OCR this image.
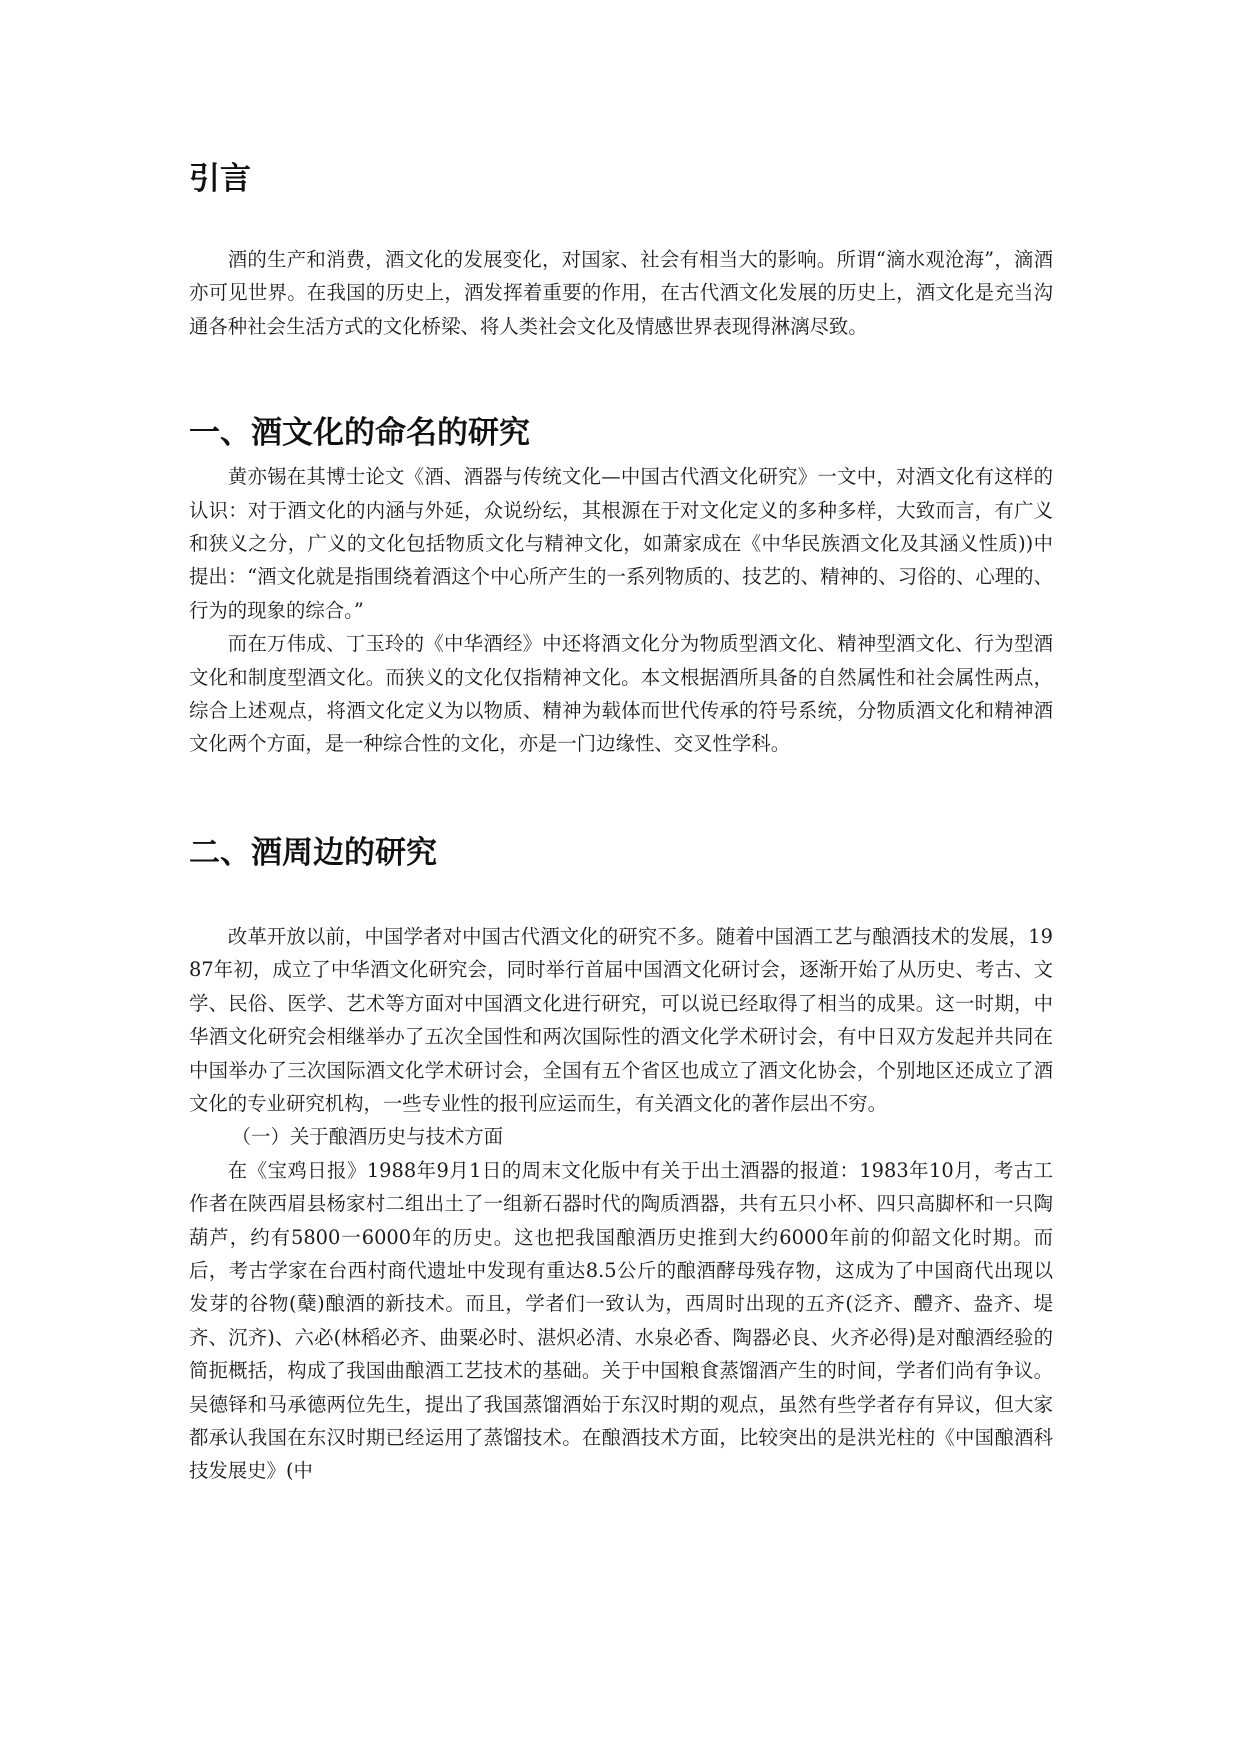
引言

酒的生产和消费，酒文化的发展变化，对国家、社会有相当大的影响。所谓“滴水观沧海”，滴酒亦可见世界。在我国的历史上，酒发挥着重要的作用，在古代酒文化发展的历史上，酒文化是充当沟通各种社会生活方式的文化桥梁、将人类社会文化及情感世界表现得淋漓尽致。

一、酒文化的命名的研究

黄亦锡在其博士论文《酒、酒器与传统文化—中国古代酒文化研究》一文中，对酒文化有这样的认识：对于酒文化的内涵与外延，众说纷纭，其根源在于对文化定义的多种多样，大致而言，有广义和狭义之分，广义的文化包括物质文化与精神文化，如萧家成在《中华民族酒文化及其涵义性质))中提出：“酒文化就是指围绕着酒这个中心所产生的一系列物质的、技艺的、精神的、习俗的、心理的、行为的现象的综合。”

而在万伟成、丁玉玲的《中华酒经》中还将酒文化分为物质型酒文化、精神型酒文化、行为型酒文化和制度型酒文化。而狭义的文化仅指精神文化。本文根据酒所具备的自然属性和社会属性两点，综合上述观点，将酒文化定义为以物质、精神为载体而世代传承的符号系统，分物质酒文化和精神酒文化两个方面，是一种综合性的文化，亦是一门边缘性、交叉性学科。

二、酒周边的研究

改革开放以前，中国学者对中国古代酒文化的研究不多。随着中国酒工艺与酿酒技术的发展，1987年初，成立了中华酒文化研究会，同时举行首届中国酒文化研讨会，逐渐开始了从历史、考古、文学、民俗、医学、艺术等方面对中国酒文化进行研究，可以说已经取得了相当的成果。这一时期，中华酒文化研究会相继举办了五次全国性和两次国际性的酒文化学术研讨会，有中日双方发起并共同在中国举办了三次国际酒文化学术研讨会，全国有五个省区也成立了酒文化协会，个别地区还成立了酒文化的专业研究机构，一些专业性的报刊应运而生，有关酒文化的著作层出不穷。

（一）关于酿酒历史与技术方面

在《宝鸡日报》1988年9月1日的周末文化版中有关于出土酒器的报道：1983年10月，考古工作者在陕西眉县杨家村二组出土了一组新石器时代的陶质酒器，共有五只小杯、四只高脚杯和一只陶葫芦，约有5800一6000年的历史。这也把我国酿酒历史推到大约6000年前的仰韶文化时期。而后，考古学家在台西村商代遗址中发现有重达8.5公斤的酿酒酵母残存物，这成为了中国商代出现以发芽的谷物(蘖)酿酒的新技术。而且，学者们一致认为，西周时出现的五齐(泛齐、醴齐、盎齐、堤齐、沉齐)、六必(林稻必齐、曲粟必时、湛炽必清、水泉必香、陶器必良、火齐必得)是对酿酒经验的简扼概括，构成了我国曲酿酒工艺技术的基础。关于中国粮食蒸馏酒产生的时间，学者们尚有争议。吴德铎和马承德两位先生，提出了我国蒸馏酒始于东汉时期的观点，虽然有些学者存有异议，但大家都承认我国在东汉时期已经运用了蒸馏技术。在酿酒技术方面，比较突出的是洪光柱的《中国酿酒科技发展史》(中
